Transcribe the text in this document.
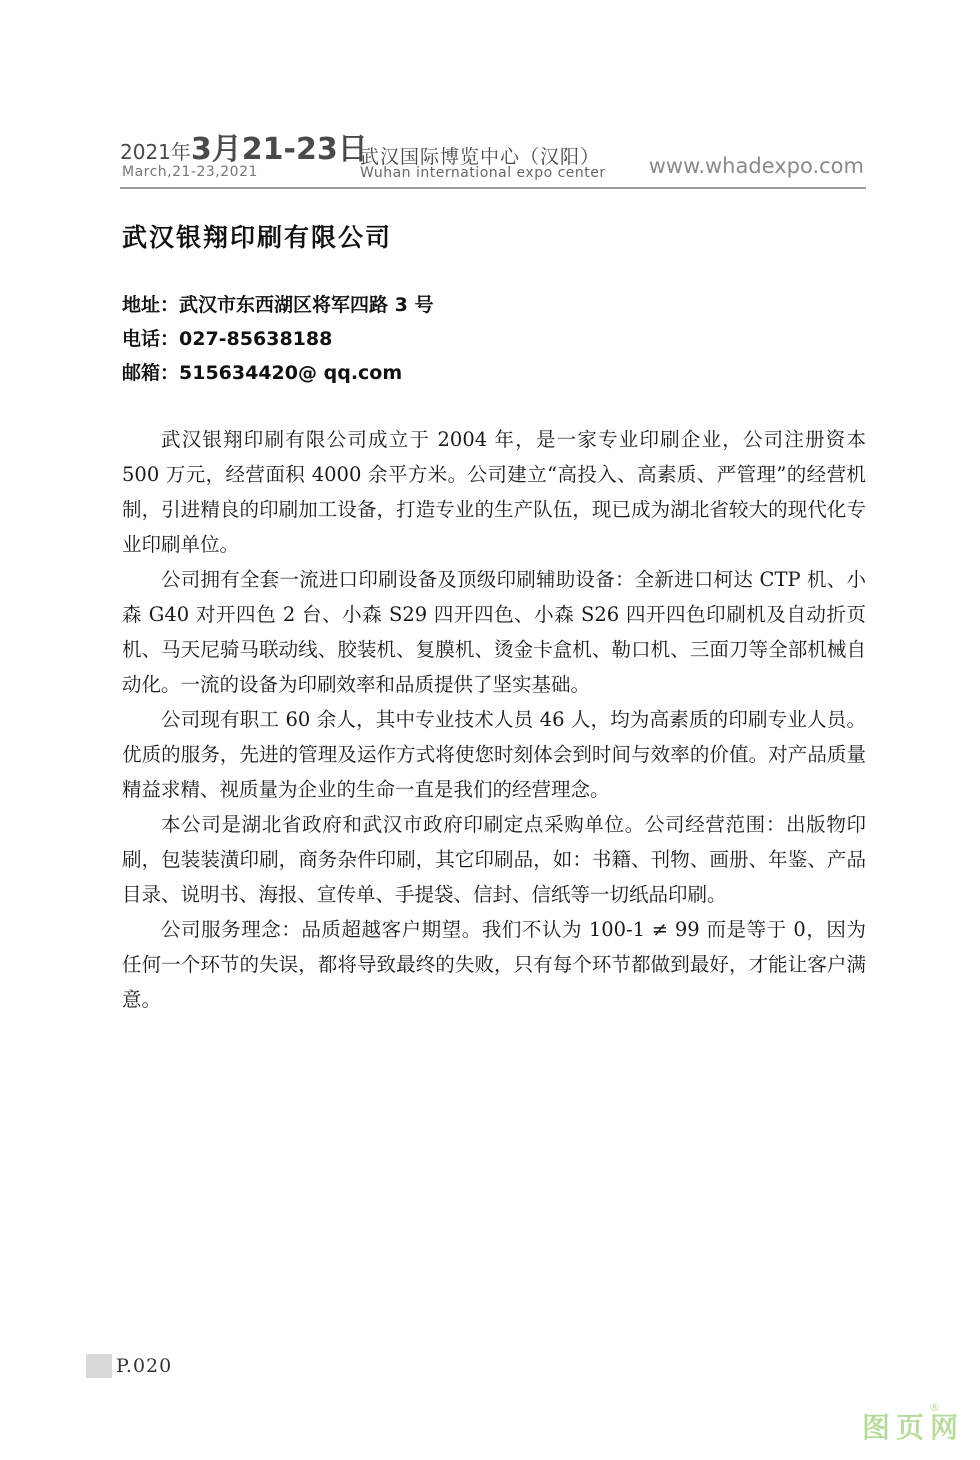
2021年3月21-23日
March,21-23,2021
武汉国际博览中心（汉阳）
Wuhan international expo center www.whadexpo.com
武汉银翔印刷有限公司
地址：武汉市东西湖区将军四路 3 号
电话：027-85638188
邮箱：515634420@ qq.com

武汉银翔印刷有限公司成立于 2004 年，是一家专业印刷企业，公司注册资本 500 万元，经营面积 4000 余平方米。公司建立“高投入、高素质、严管理”的经营机制，引进精良的印刷加工设备，打造专业的生产队伍，现已成为湖北省较大的现代化专业印刷单位。

公司拥有全套一流进口印刷设备及顶级印刷辅助设备：全新进口柯达 CTP 机、小森 G40 对开四色 2 台、小森 S29 四开四色、小森 S26 四开四色印刷机及自动折页机、马天尼骑马联动线、胶装机、复膜机、烫金卡盒机、勒口机、三面刀等全部机械自动化。一流的设备为印刷效率和品质提供了坚实基础。

公司现有职工 60 余人，其中专业技术人员 46 人，均为高素质的印刷专业人员。优质的服务，先进的管理及运作方式将使您时刻体会到时间与效率的价值。对产品质量精益求精、视质量为企业的生命一直是我们的经营理念。

本公司是湖北省政府和武汉市政府印刷定点采购单位。公司经营范围：出版物印刷，包装装潢印刷，商务杂件印刷，其它印刷品，如：书籍、刊物、画册、年鉴、产品目录、说明书、海报、宣传单、手提袋、信封、信纸等一切纸品印刷。

公司服务理念：品质超越客户期望。我们不认为 100-1 ≠ 99 而是等于 0，因为任何一个环节的失误，都将导致最终的失败，只有每个环节都做到最好，才能让客户满意。

P.020
图页网
®
